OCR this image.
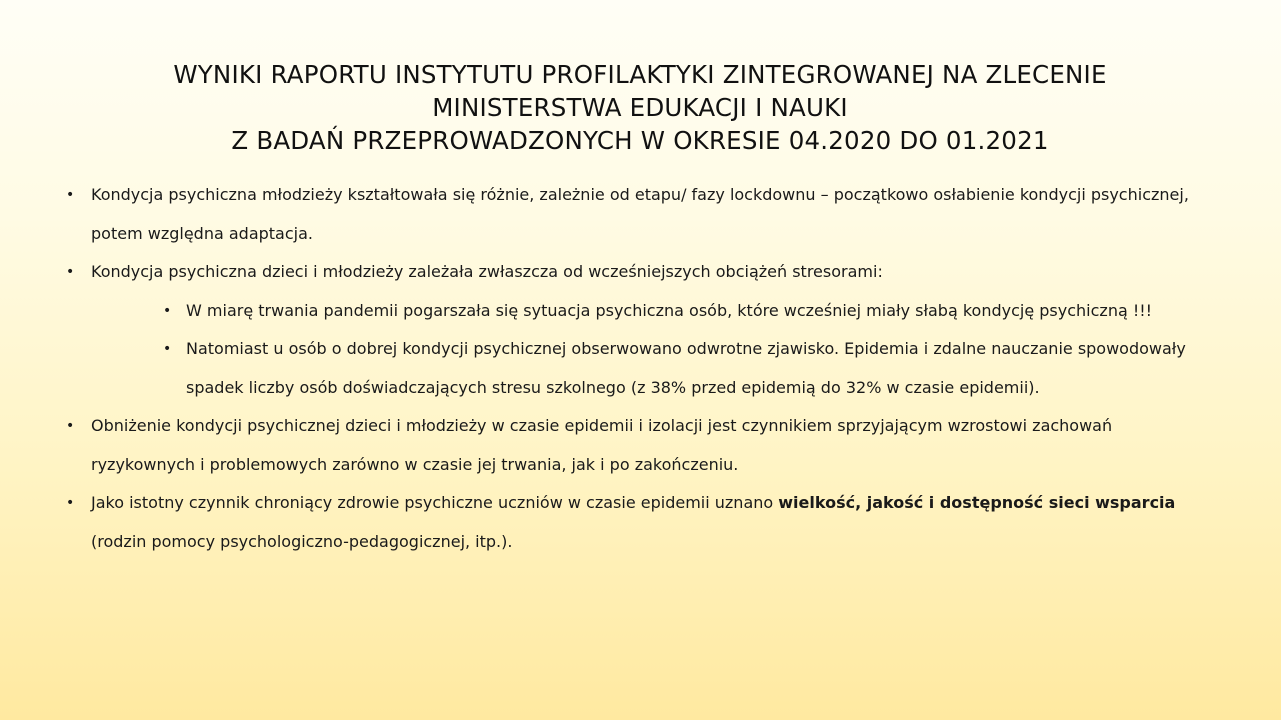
WYNIKI RAPORTU INSTYTUTU PROFILAKTYKI ZINTEGROWANEJ NA ZLECENIE
MINISTERSTWA EDUKACJI I NAUKI
Z BADAŃ PRZEPROWADZONYCH W OKRESIE 04.2020 DO 01.2021
• Kondycja psychiczna młodzieży kształtowała się różnie, zależnie od etapu/ fazy lockdownu – początkowo osłabienie kondycji psychicznej, potem względna adaptacja.
• Kondycja psychiczna dzieci i młodzieży zależała zwłaszcza od wcześniejszych obciążeń stresorami:
• W miarę trwania pandemii pogarszała się sytuacja psychiczna osób, które wcześniej miały słabą kondycję psychiczną !!!
• Natomiast u osób o dobrej kondycji psychicznej obserwowano odwrotne zjawisko. Epidemia i zdalne nauczanie spowodowały spadek liczby osób doświadczających stresu szkolnego (z 38% przed epidemią do 32% w czasie epidemii).
• Obniżenie kondycji psychicznej dzieci i młodzieży w czasie epidemii i izolacji jest czynnikiem sprzyjającym wzrostowi zachowań ryzykownych i problemowych zarówno w czasie jej trwania, jak i po zakończeniu.
• Jako istotny czynnik chroniący zdrowie psychiczne uczniów w czasie epidemii uznano wielkość, jakość i dostępność sieci wsparcia (rodzin pomocy psychologiczno-pedagogicznej, itp.).
